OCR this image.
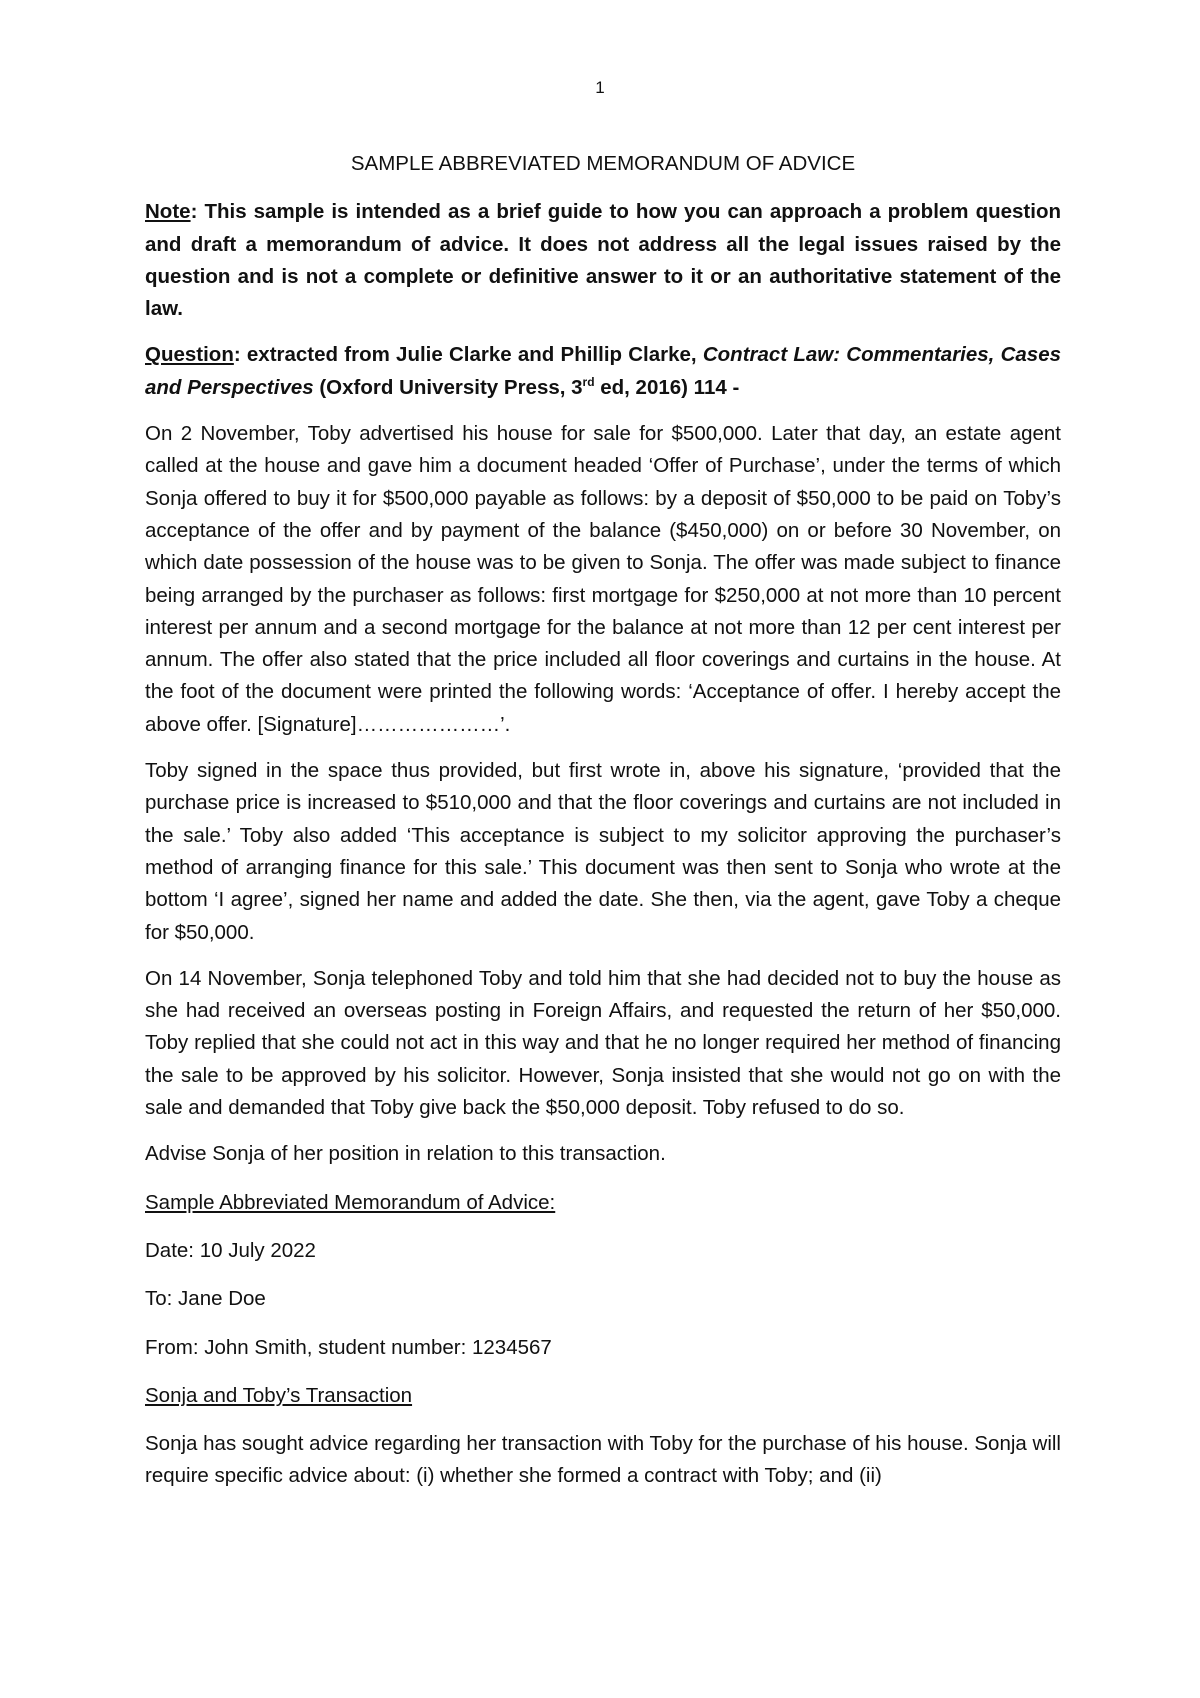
1
SAMPLE ABBREVIATED MEMORANDUM OF ADVICE

Note: This sample is intended as a brief guide to how you can approach a problem question and draft a memorandum of advice. It does not address all the legal issues raised by the question and is not a complete or definitive answer to it or an authoritative statement of the law.

Question: extracted from Julie Clarke and Phillip Clarke, Contract Law: Commentaries, Cases and Perspectives (Oxford University Press, 3rd ed, 2016) 114 -

On 2 November, Toby advertised his house for sale for $500,000. Later that day, an estate agent called at the house and gave him a document headed ‘Offer of Purchase’, under the terms of which Sonja offered to buy it for $500,000 payable as follows: by a deposit of $50,000 to be paid on Toby’s acceptance of the offer and by payment of the balance ($450,000) on or before 30 November, on which date possession of the house was to be given to Sonja. The offer was made subject to finance being arranged by the purchaser as follows: first mortgage for $250,000 at not more than 10 percent interest per annum and a second mortgage for the balance at not more than 12 per cent interest per annum. The offer also stated that the price included all floor coverings and curtains in the house. At the foot of the document were printed the following words: ‘Acceptance of offer. I hereby accept the above offer. [Signature]…………………’.

Toby signed in the space thus provided, but first wrote in, above his signature, ‘provided that the purchase price is increased to $510,000 and that the floor coverings and curtains are not included in the sale.’ Toby also added ‘This acceptance is subject to my solicitor approving the purchaser’s method of arranging finance for this sale.’ This document was then sent to Sonja who wrote at the bottom ‘I agree’, signed her name and added the date. She then, via the agent, gave Toby a cheque for $50,000.

On 14 November, Sonja telephoned Toby and told him that she had decided not to buy the house as she had received an overseas posting in Foreign Affairs, and requested the return of her $50,000. Toby replied that she could not act in this way and that he no longer required her method of financing the sale to be approved by his solicitor. However, Sonja insisted that she would not go on with the sale and demanded that Toby give back the $50,000 deposit. Toby refused to do so.

Advise Sonja of her position in relation to this transaction.

Sample Abbreviated Memorandum of Advice:

Date: 10 July 2022

To: Jane Doe

From: John Smith, student number: 1234567

Sonja and Toby’s Transaction

Sonja has sought advice regarding her transaction with Toby for the purchase of his house. Sonja will require specific advice about: (i) whether she formed a contract with Toby; and (ii)
